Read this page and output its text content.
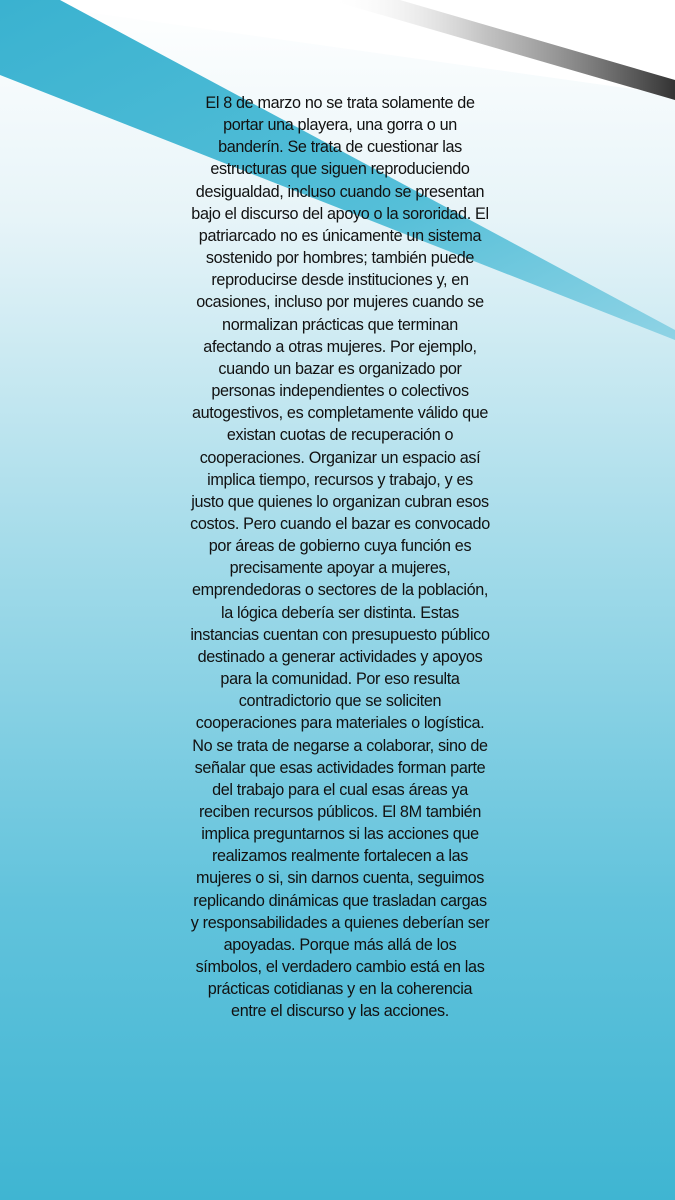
El 8 de marzo no se trata solamente de portar una playera, una gorra o un banderín. Se trata de cuestionar las estructuras que siguen reproduciendo desigualdad, incluso cuando se presentan bajo el discurso del apoyo o la sororidad. El patriarcado no es únicamente un sistema sostenido por hombres; también puede reproducirse desde instituciones y, en ocasiones, incluso por mujeres cuando se normalizan prácticas que terminan afectando a otras mujeres. Por ejemplo, cuando un bazar es organizado por personas independientes o colectivos autogestivos, es completamente válido que existan cuotas de recuperación o cooperaciones. Organizar un espacio así implica tiempo, recursos y trabajo, y es justo que quienes lo organizan cubran esos costos. Pero cuando el bazar es convocado por áreas de gobierno cuya función es precisamente apoyar a mujeres, emprendedoras o sectores de la población, la lógica debería ser distinta. Estas instancias cuentan con presupuesto público destinado a generar actividades y apoyos para la comunidad. Por eso resulta contradictorio que se soliciten cooperaciones para materiales o logística. No se trata de negarse a colaborar, sino de señalar que esas actividades forman parte del trabajo para el cual esas áreas ya reciben recursos públicos. El 8M también implica preguntarnos si las acciones que realizamos realmente fortalecen a las mujeres o si, sin darnos cuenta, seguimos replicando dinámicas que trasladan cargas y responsabilidades a quienes deberían ser apoyadas. Porque más allá de los símbolos, el verdadero cambio está en las prácticas cotidianas y en la coherencia entre el discurso y las acciones.
